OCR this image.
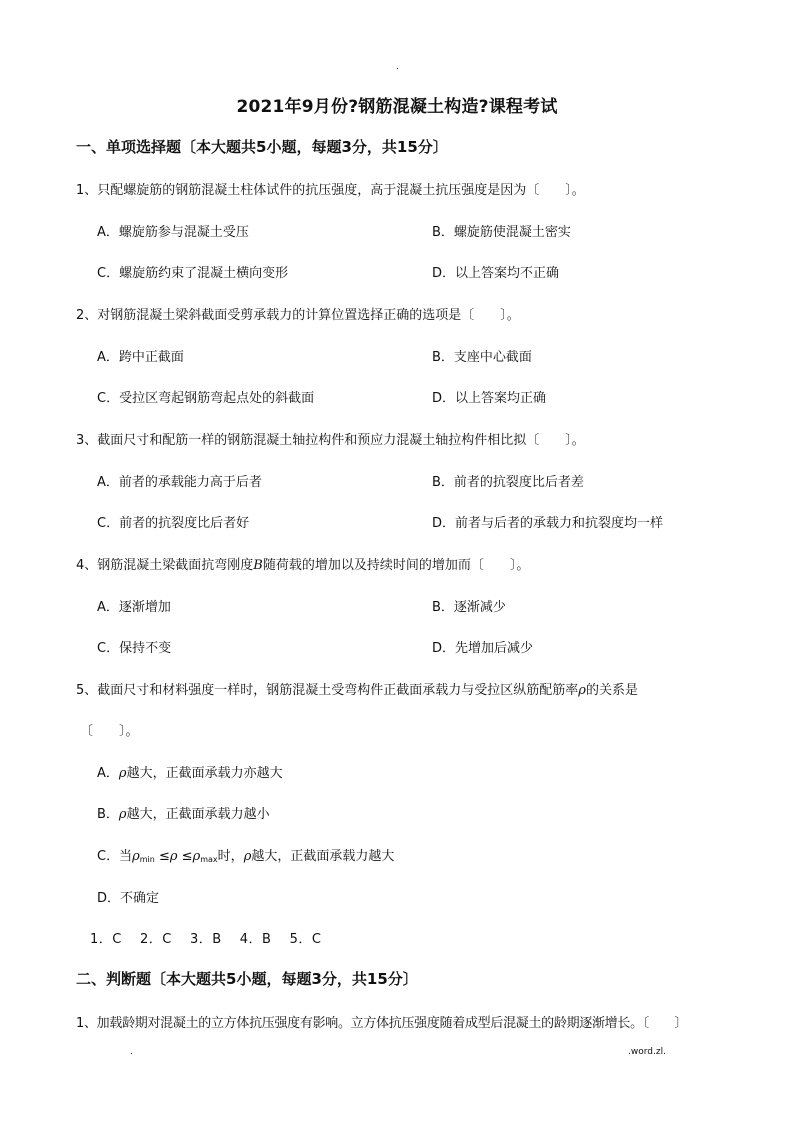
.
2021年9月份?钢筋混凝土构造?课程考试
一、单项选择题〔本大题共5小题，每题3分，共15分〕
1、只配螺旋筋的钢筋混凝土柱体试件的抗压强度，高于混凝土抗压强度是因为〔　　〕。
A．螺旋筋参与混凝土受压	B．螺旋筋使混凝土密实
C．螺旋筋约束了混凝土横向变形	D．以上答案均不正确
2、对钢筋混凝土梁斜截面受剪承载力的计算位置选择正确的选项是〔　　〕。
A．跨中正截面	B．支座中心截面
C．受拉区弯起钢筋弯起点处的斜截面	D．以上答案均正确
3、截面尺寸和配筋一样的钢筋混凝土轴拉构件和预应力混凝土轴拉构件相比拟〔　　〕。
A．前者的承载能力高于后者	B．前者的抗裂度比后者差
C．前者的抗裂度比后者好	D．前者与后者的承载力和抗裂度均一样
4、钢筋混凝土梁截面抗弯刚度B随荷载的增加以及持续时间的增加而〔　　〕。
A．逐渐增加	B．逐渐减少
C．保持不变	D．先增加后减少
5、截面尺寸和材料强度一样时，钢筋混凝土受弯构件正截面承载力与受拉区纵筋配筋率ρ的关系是
〔　　〕。
A．ρ越大，正截面承载力亦越大
B．ρ越大，正截面承载力越小
C．当$\rho_{min} \le\rho \le\rho_{max}$时，ρ越大，正截面承载力越大
D．不确定
1．C　 2．C　 3．B　 4．B　 5．C
二、判断题〔本大题共5小题，每题3分，共15分〕
1、加载龄期对混凝土的立方体抗压强度有影响。立方体抗压强度随着成型后混凝土的龄期逐渐增长。〔　　〕
.	.word.zl.
